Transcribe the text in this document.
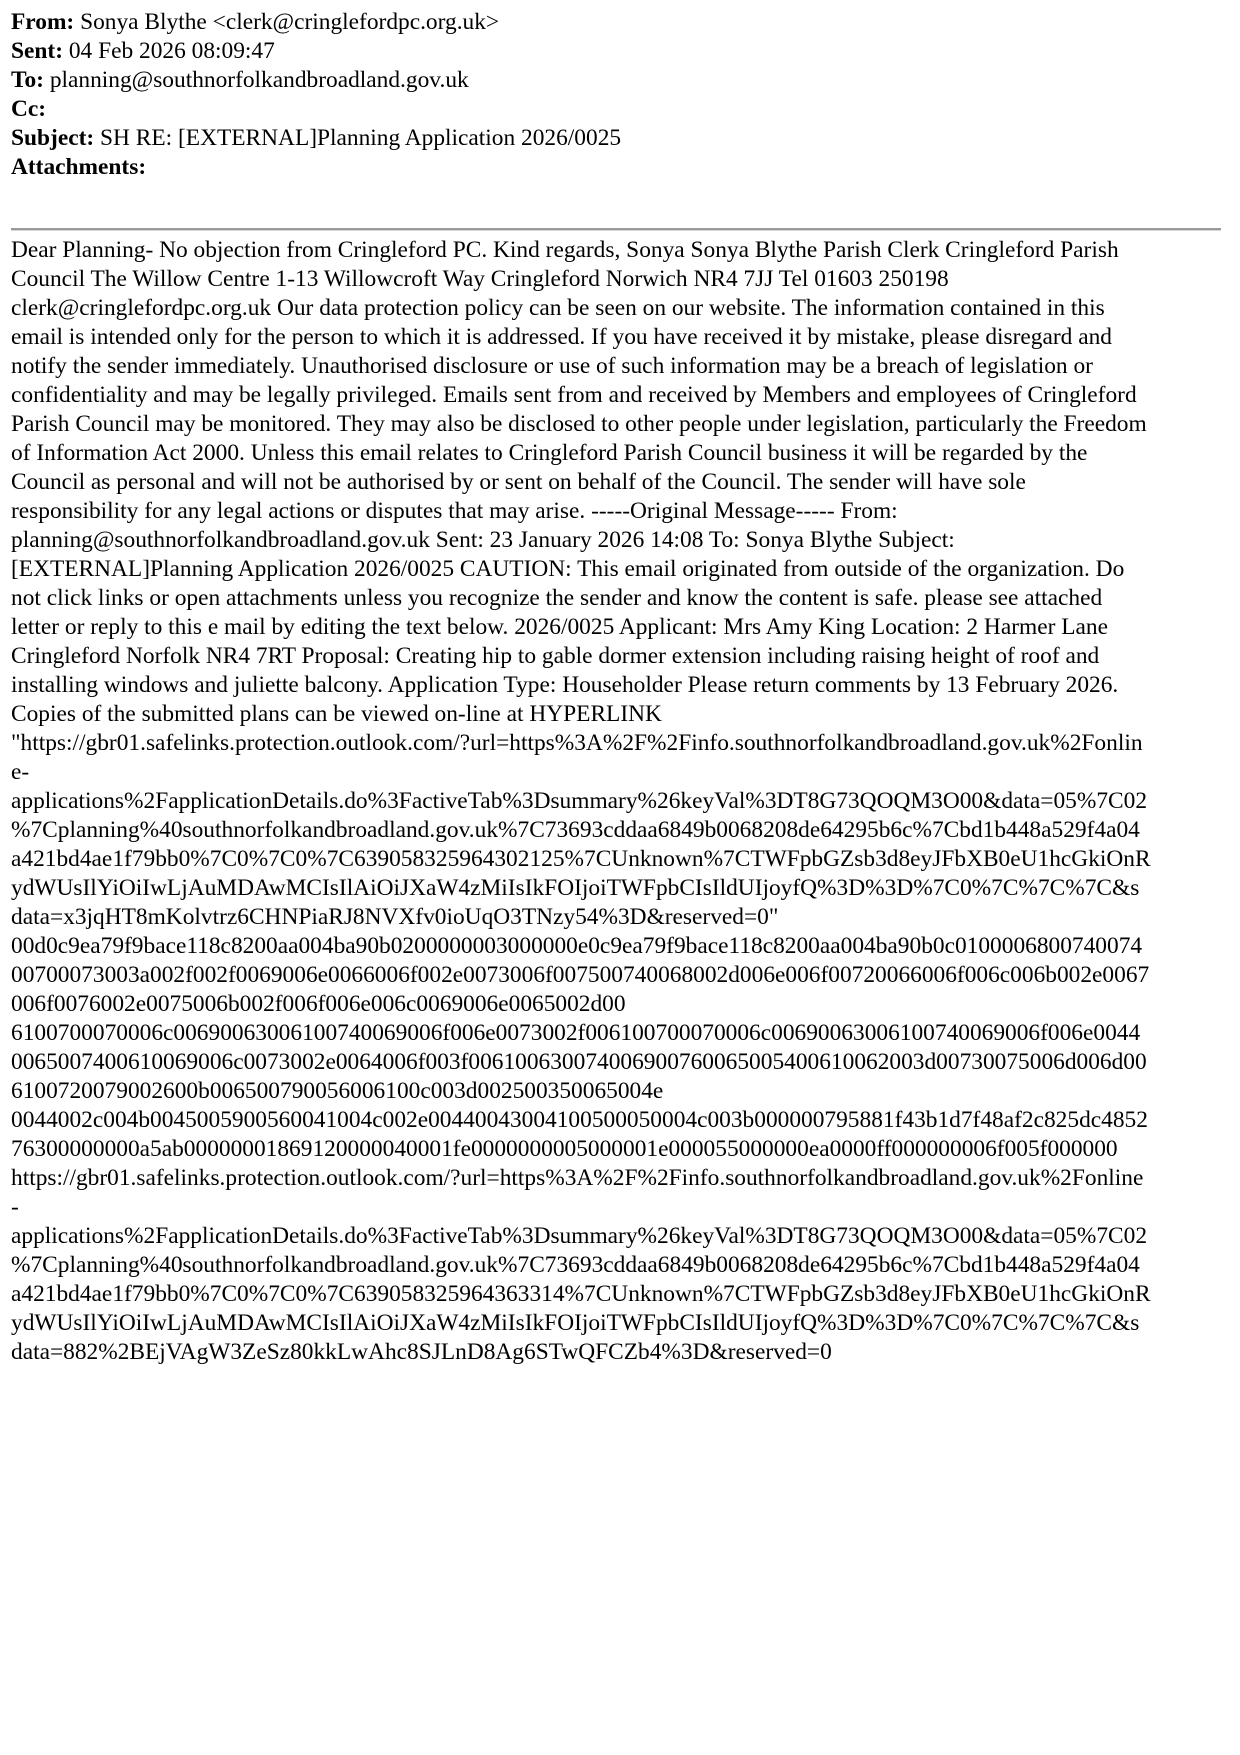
From: Sonya Blythe <clerk@cringlefordpc.org.uk>
Sent: 04 Feb 2026 08:09:47
To: planning@southnorfolkandbroadland.gov.uk
Cc:
Subject: SH RE: [EXTERNAL]Planning Application 2026/0025
Attachments:
Dear Planning- No objection from Cringleford PC. Kind regards, Sonya Sonya Blythe Parish Clerk Cringleford Parish
Council The Willow Centre 1-13 Willowcroft Way Cringleford Norwich NR4 7JJ Tel 01603 250198
clerk@cringlefordpc.org.uk Our data protection policy can be seen on our website. The information contained in this
email is intended only for the person to which it is addressed. If you have received it by mistake, please disregard and
notify the sender immediately. Unauthorised disclosure or use of such information may be a breach of legislation or
confidentiality and may be legally privileged. Emails sent from and received by Members and employees of Cringleford
Parish Council may be monitored. They may also be disclosed to other people under legislation, particularly the Freedom
of Information Act 2000. Unless this email relates to Cringleford Parish Council business it will be regarded by the
Council as personal and will not be authorised by or sent on behalf of the Council. The sender will have sole
responsibility for any legal actions or disputes that may arise. -----Original Message----- From:
planning@southnorfolkandbroadland.gov.uk Sent: 23 January 2026 14:08 To: Sonya Blythe Subject:
[EXTERNAL]Planning Application 2026/0025 CAUTION: This email originated from outside of the organization. Do
not click links or open attachments unless you recognize the sender and know the content is safe. please see attached
letter or reply to this e mail by editing the text below. 2026/0025 Applicant: Mrs Amy King Location: 2 Harmer Lane
Cringleford Norfolk NR4 7RT Proposal: Creating hip to gable dormer extension including raising height of roof and
installing windows and juliette balcony. Application Type: Householder Please return comments by 13 February 2026.
Copies of the submitted plans can be viewed on-line at HYPERLINK
"https://gbr01.safelinks.protection.outlook.com/?url=https%3A%2F%2Finfo.southnorfolkandbroadland.gov.uk%2Fonlin
e-
applications%2FapplicationDetails.do%3FactiveTab%3Dsummary%26keyVal%3DT8G73QOQM3O00&data=05%7C02
%7Cplanning%40southnorfolkandbroadland.gov.uk%7C73693cddaa6849b0068208de64295b6c%7Cbd1b448a529f4a04
a421bd4ae1f79bb0%7C0%7C0%7C639058325964302125%7CUnknown%7CTWFpbGZsb3d8eyJFbXB0eU1hcGkiOnR
ydWUsIlYiOiIwLjAuMDAwMCIsIlAiOiJXaW4zMiIsIkFOIjoiTWFpbCIsIldUIjoyfQ%3D%3D%7C0%7C%7C%7C&s
data=x3jqHT8mKolvtrz6CHNPiaRJ8NVXfv0ioUqO3TNzy54%3D&reserved=0"
00d0c9ea79f9bace118c8200aa004ba90b0200000003000000e0c9ea79f9bace118c8200aa004ba90b0c0100006800740074
00700073003a002f002f0069006e0066006f002e0073006f007500740068002d006e006f00720066006f006c006b002e0067
006f0076002e0075006b002f006f006e006c0069006e0065002d00
6100700070006c00690063006100740069006f006e0073002f006100700070006c00690063006100740069006f006e0044
0065007400610069006c0073002e0064006f003f006100630074006900760065005400610062003d00730075006d006d00
6100720079002600b006500790056006100c003d002500350065004e
0044002c004b0045005900560041004c002e00440043004100500050004c003b000000795881f43b1d7f48af2c825dc4852
76300000000a5ab00000001869120000040001fe0000000005000001e000055000000ea0000ff000000006f005f000000
https://gbr01.safelinks.protection.outlook.com/?url=https%3A%2F%2Finfo.southnorfolkandbroadland.gov.uk%2Fonline
-
applications%2FapplicationDetails.do%3FactiveTab%3Dsummary%26keyVal%3DT8G73QOQM3O00&data=05%7C02
%7Cplanning%40southnorfolkandbroadland.gov.uk%7C73693cddaa6849b0068208de64295b6c%7Cbd1b448a529f4a04
a421bd4ae1f79bb0%7C0%7C0%7C639058325964363314%7CUnknown%7CTWFpbGZsb3d8eyJFbXB0eU1hcGkiOnR
ydWUsIlYiOiIwLjAuMDAwMCIsIlAiOiJXaW4zMiIsIkFOIjoiTWFpbCIsIldUIjoyfQ%3D%3D%7C0%7C%7C%7C&s
data=882%2BEjVAgW3ZeSz80kkLwAhc8SJLnD8Ag6STwQFCZb4%3D&reserved=0
